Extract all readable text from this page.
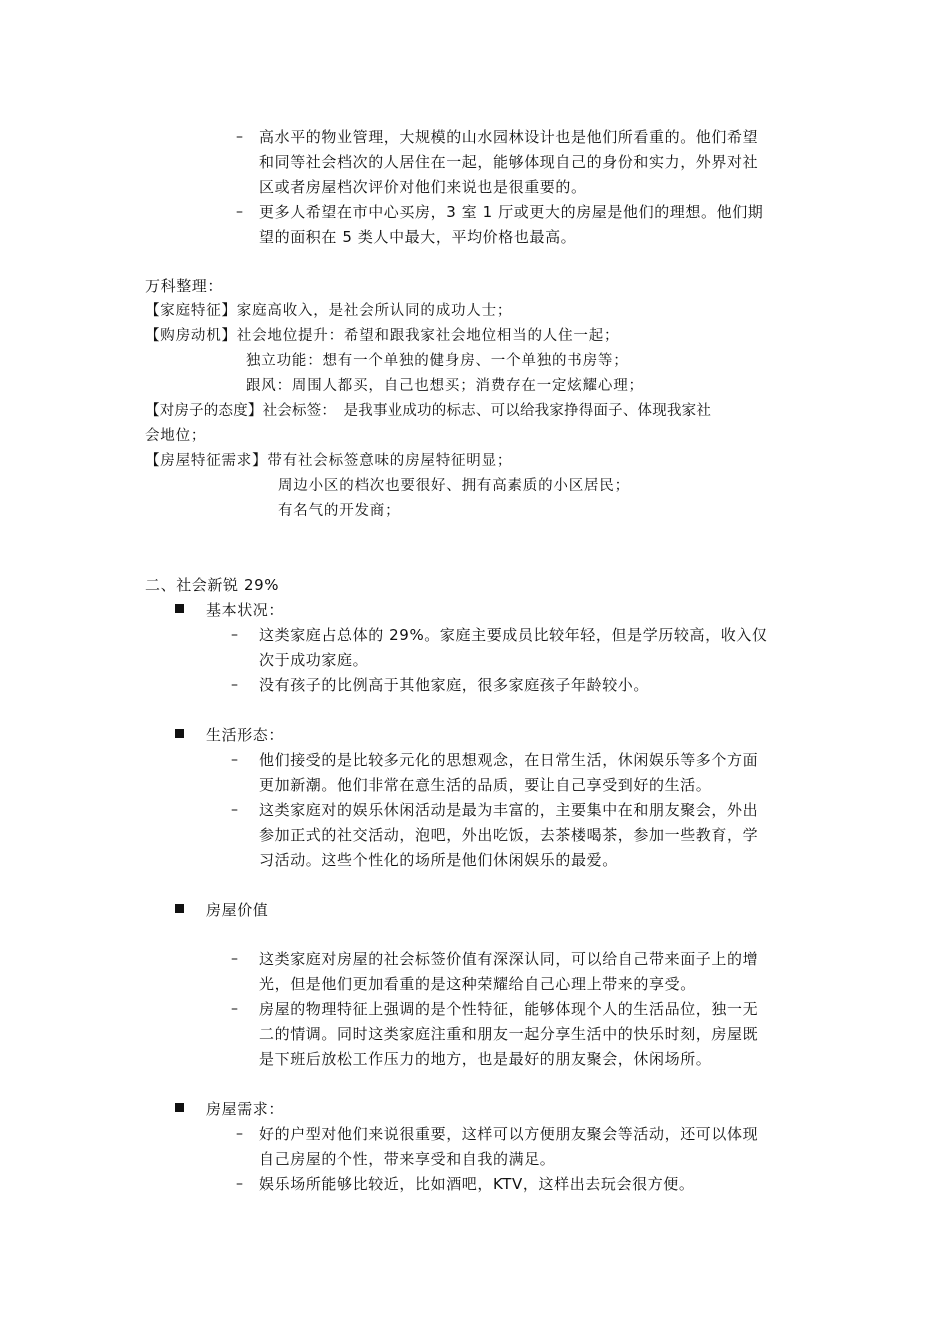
– 高水平的物业管理，大规模的山水园林设计也是他们所看重的。他们希望
和同等社会档次的人居住在一起，能够体现自己的身份和实力，外界对社
区或者房屋档次评价对他们来说也是很重要的。
– 更多人希望在市中心买房，3 室 1 厅或更大的房屋是他们的理想。他们期
望的面积在 5 类人中最大，平均价格也最高。
万科整理：
【家庭特征】家庭高收入，是社会所认同的成功人士；
【购房动机】社会地位提升：希望和跟我家社会地位相当的人住一起；
独立功能：想有一个单独的健身房、一个单独的书房等；
跟风：周围人都买，自己也想买；消费存在一定炫耀心理；
【对房子的态度】社会标签：　是我事业成功的标志、可以给我家挣得面子、体现我家社
会地位；
【房屋特征需求】带有社会标签意味的房屋特征明显；
周边小区的档次也要很好、拥有高素质的小区居民；
有名气的开发商；
二、社会新锐 29%
基本状况：
– 这类家庭占总体的 29%。家庭主要成员比较年轻，但是学历较高，收入仅
次于成功家庭。
– 没有孩子的比例高于其他家庭，很多家庭孩子年龄较小。
生活形态：
– 他们接受的是比较多元化的思想观念，在日常生活，休闲娱乐等多个方面
更加新潮。他们非常在意生活的品质，要让自己享受到好的生活。
– 这类家庭对的娱乐休闲活动是最为丰富的，主要集中在和朋友聚会，外出
参加正式的社交活动，泡吧，外出吃饭，去茶楼喝茶，参加一些教育，学
习活动。这些个性化的场所是他们休闲娱乐的最爱。
房屋价值
– 这类家庭对房屋的社会标签价值有深深认同，可以给自己带来面子上的增
光，但是他们更加看重的是这种荣耀给自己心理上带来的享受。
– 房屋的物理特征上强调的是个性特征，能够体现个人的生活品位，独一无
二的情调。同时这类家庭注重和朋友一起分享生活中的快乐时刻，房屋既
是下班后放松工作压力的地方，也是最好的朋友聚会，休闲场所。
房屋需求：
– 好的户型对他们来说很重要，这样可以方便朋友聚会等活动，还可以体现
自己房屋的个性，带来享受和自我的满足。
– 娱乐场所能够比较近，比如酒吧，KTV，这样出去玩会很方便。
